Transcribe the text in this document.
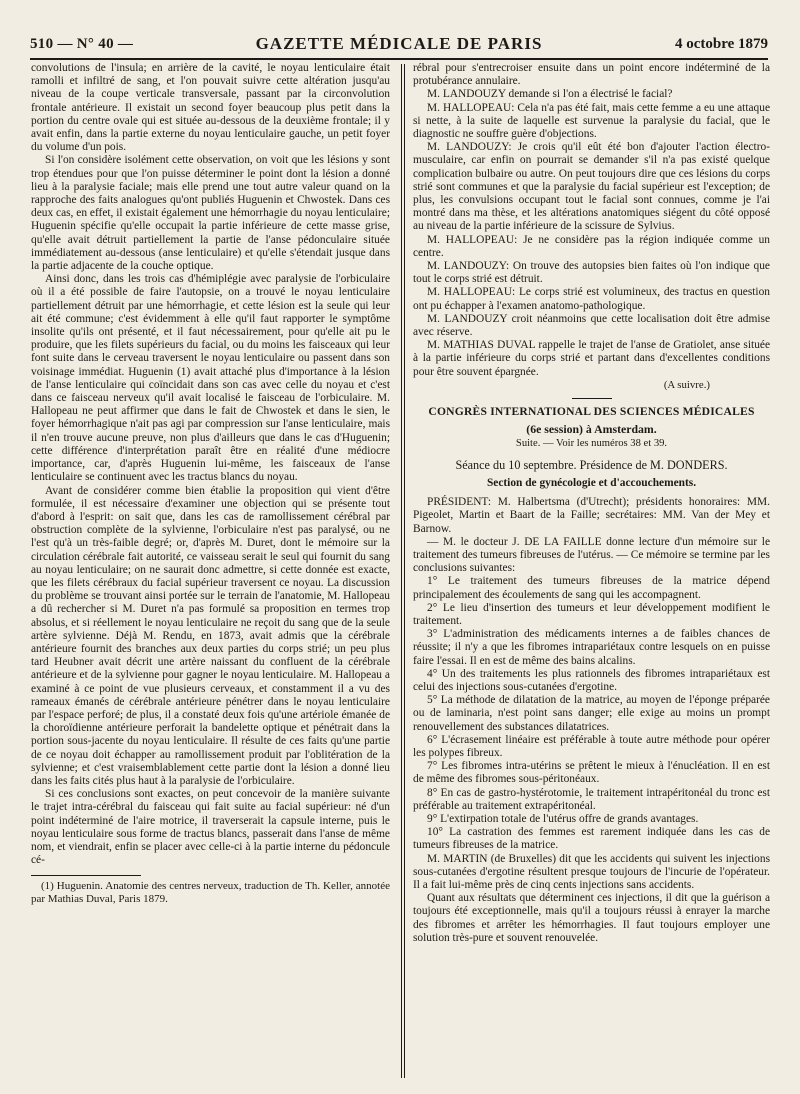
510 — N° 40 —	GAZETTE MÉDICALE DE PARIS	4 octobre 1879

convolutions de l'insula; en arrière de la cavité, le noyau lenticulaire était ramolli et infiltré de sang, et l'on pouvait suivre cette altération jusqu'au niveau de la coupe verticale transversale, passant par la circonvolution frontale antérieure. Il existait un second foyer beaucoup plus petit dans la portion du centre ovale qui est située au-dessous de la deuxième frontale; il y avait enfin, dans la partie externe du noyau lenticulaire gauche, un petit foyer du volume d'un pois.

Si l'on considère isolément cette observation, on voit que les lésions y sont trop étendues pour que l'on puisse déterminer le point dont la lésion a donné lieu à la paralysie faciale; mais elle prend une tout autre valeur quand on la rapproche des faits analogues qu'ont publiés Huguenin et Chwostek. Dans ces deux cas, en effet, il existait également une hémorrhagie du noyau lenticulaire; Huguenin spécifie qu'elle occupait la partie inférieure de cette masse grise, qu'elle avait détruit partiellement la partie de l'anse pédonculaire située immédiatement au-dessous (anse lenticulaire) et qu'elle s'étendait jusque dans la partie adjacente de la couche optique.

Ainsi donc, dans les trois cas d'hémiplégie avec paralysie de l'orbiculaire où il a été possible de faire l'autopsie, on a trouvé le noyau lenticulaire partiellement détruit par une hémorrhagie, et cette lésion est la seule qui leur ait été commune; c'est évidemment à elle qu'il faut rapporter le symptôme insolite qu'ils ont présenté, et il faut nécessairement, pour qu'elle ait pu le produire, que les filets supérieurs du facial, ou du moins les faisceaux qui leur font suite dans le cerveau traversent le noyau lenticulaire ou passent dans son voisinage immédiat. Huguenin (1) avait attaché plus d'importance à la lésion de l'anse lenticulaire qui coïncidait dans son cas avec celle du noyau et c'est dans ce faisceau nerveux qu'il avait localisé le faisceau de l'orbiculaire. M. Hallopeau ne peut affirmer que dans le fait de Chwostek et dans le sien, le foyer hémorrhagique n'ait pas agi par compression sur l'anse lenticulaire, mais il n'en trouve aucune preuve, non plus d'ailleurs que dans le cas d'Huguenin; cette différence d'interprétation paraît être en réalité d'une médiocre importance, car, d'après Huguenin lui-même, les faisceaux de l'anse lenticulaire se continuent avec les tractus blancs du noyau.

Avant de considérer comme bien établie la proposition qui vient d'être formulée, il est nécessaire d'examiner une objection qui se présente tout d'abord à l'esprit: on sait que, dans les cas de ramollissement cérébral par obstruction complète de la sylvienne, l'orbiculaire n'est pas paralysé, ou ne l'est qu'à un très-faible degré; or, d'après M. Duret, dont le mémoire sur la circulation cérébrale fait autorité, ce vaisseau serait le seul qui fournit du sang au noyau lenticulaire; on ne saurait donc admettre, si cette donnée est exacte, que les filets cérébraux du facial supérieur traversent ce noyau. La discussion du problème se trouvant ainsi portée sur le terrain de l'anatomie, M. Hallopeau a dû rechercher si M. Duret n'a pas formulé sa proposition en termes trop absolus, et si réellement le noyau lenticulaire ne reçoit du sang que de la seule artère sylvienne. Déjà M. Rendu, en 1873, avait admis que la cérébrale antérieure fournit des branches aux deux parties du corps strié; un peu plus tard Heubner avait décrit une artère naissant du confluent de la cérébrale antérieure et de la sylvienne pour gagner le noyau lenticulaire. M. Hallopeau a examiné à ce point de vue plusieurs cerveaux, et constamment il a vu des rameaux émanés de cérébrale antérieure pénétrer dans le noyau lenticulaire par l'espace perforé; de plus, il a constaté deux fois qu'une artériole émanée de la choroïdienne antérieure perforait la bandelette optique et pénétrait dans la portion sous-jacente du noyau lenticulaire. Il résulte de ces faits qu'une partie de ce noyau doit échapper au ramollissement produit par l'oblitération de la sylvienne; et c'est vraisemblablement cette partie dont la lésion a donné lieu dans les faits cités plus haut à la paralysie de l'orbiculaire.

Si ces conclusions sont exactes, on peut concevoir de la manière suivante le trajet intra-cérébral du faisceau qui fait suite au facial supérieur: né d'un point indéterminé de l'aire motrice, il traverserait la capsule interne, puis le noyau lenticulaire sous forme de tractus blancs, passerait dans l'anse de même nom, et viendrait, enfin se placer avec celle-ci à la partie interne du pédoncule cé-

(1) Huguenin. Anatomie des centres nerveux, traduction de Th. Keller, annotée par Mathias Duval, Paris 1879.

rébral pour s'entrecroiser ensuite dans un point encore indéterminé de la protubérance annulaire.

M. LANDOUZY demande si l'on a électrisé le facial?

M. HALLOPEAU: Cela n'a pas été fait, mais cette femme a eu une attaque si nette, à la suite de laquelle est survenue la paralysie du facial, que le diagnostic ne souffre guère d'objections.

M. LANDOUZY: Je crois qu'il eût été bon d'ajouter l'action électro-musculaire, car enfin on pourrait se demander s'il n'a pas existé quelque complication bulbaire ou autre. On peut toujours dire que ces lésions du corps strié sont communes et que la paralysie du facial supérieur est l'exception; de plus, les convulsions occupant tout le facial sont connues, comme je l'ai montré dans ma thèse, et les altérations anatomiques siégent du côté opposé au niveau de la partie inférieure de la scissure de Sylvius.

M. HALLOPEAU: Je ne considère pas la région indiquée comme un centre.

M. LANDOUZY: On trouve des autopsies bien faites où l'on indique que tout le corps strié est détruit.

M. HALLOPEAU: Le corps strié est volumineux, des tractus en question ont pu échapper à l'examen anatomo-pathologique.

M. LANDOUZY croit néanmoins que cette localisation doit être admise avec réserve.

M. MATHIAS DUVAL rappelle le trajet de l'anse de Gratiolet, anse située à la partie inférieure du corps strié et partant dans d'excellentes conditions pour être souvent épargnée.

(A suivre.)

CONGRÈS INTERNATIONAL DES SCIENCES MÉDICALES

(6e session) à Amsterdam.

Suite. — Voir les numéros 38 et 39.

Séance du 10 septembre. Présidence de M. DONDERS.

Section de gynécologie et d'accouchements.

PRÉSIDENT: M. Halbertsma (d'Utrecht); présidents honoraires: MM. Pigeolet, Martin et Baart de la Faille; secrétaires: MM. Van der Mey et Barnow.

— M. le docteur J. DE LA FAILLE donne lecture d'un mémoire sur le traitement des tumeurs fibreuses de l'utérus. — Ce mémoire se termine par les conclusions suivantes:

1° Le traitement des tumeurs fibreuses de la matrice dépend principalement des écoulements de sang qui les accompagnent.

2° Le lieu d'insertion des tumeurs et leur développement modifient le traitement.

3° L'administration des médicaments internes a de faibles chances de réussite; il n'y a que les fibromes intrapariétaux contre lesquels on en puisse faire l'essai. Il en est de même des bains alcalins.

4° Un des traitements les plus rationnels des fibromes intrapariétaux est celui des injections sous-cutanées d'ergotine.

5° La méthode de dilatation de la matrice, au moyen de l'éponge préparée ou de laminaria, n'est point sans danger; elle exige au moins un prompt renouvellement des substances dilatatrices.

6° L'écrasement linéaire est préférable à toute autre méthode pour opérer les polypes fibreux.

7° Les fibromes intra-utérins se prêtent le mieux à l'énucléation. Il en est de même des fibromes sous-péritonéaux.

8° En cas de gastro-hystérotomie, le traitement intrapéritonéal du tronc est préférable au traitement extrapéritonéal.

9° L'extirpation totale de l'utérus offre de grands avantages.

10° La castration des femmes est rarement indiquée dans les cas de tumeurs fibreuses de la matrice.

M. MARTIN (de Bruxelles) dit que les accidents qui suivent les injections sous-cutanées d'ergotine résultent presque toujours de l'incurie de l'opérateur. Il a fait lui-même près de cinq cents injections sans accidents.

Quant aux résultats que déterminent ces injections, il dit que la guérison a toujours été exceptionnelle, mais qu'il a toujours réussi à enrayer la marche des fibromes et arrêter les hémorrhagies. Il faut toujours employer une solution très-pure et souvent renouvelée.
